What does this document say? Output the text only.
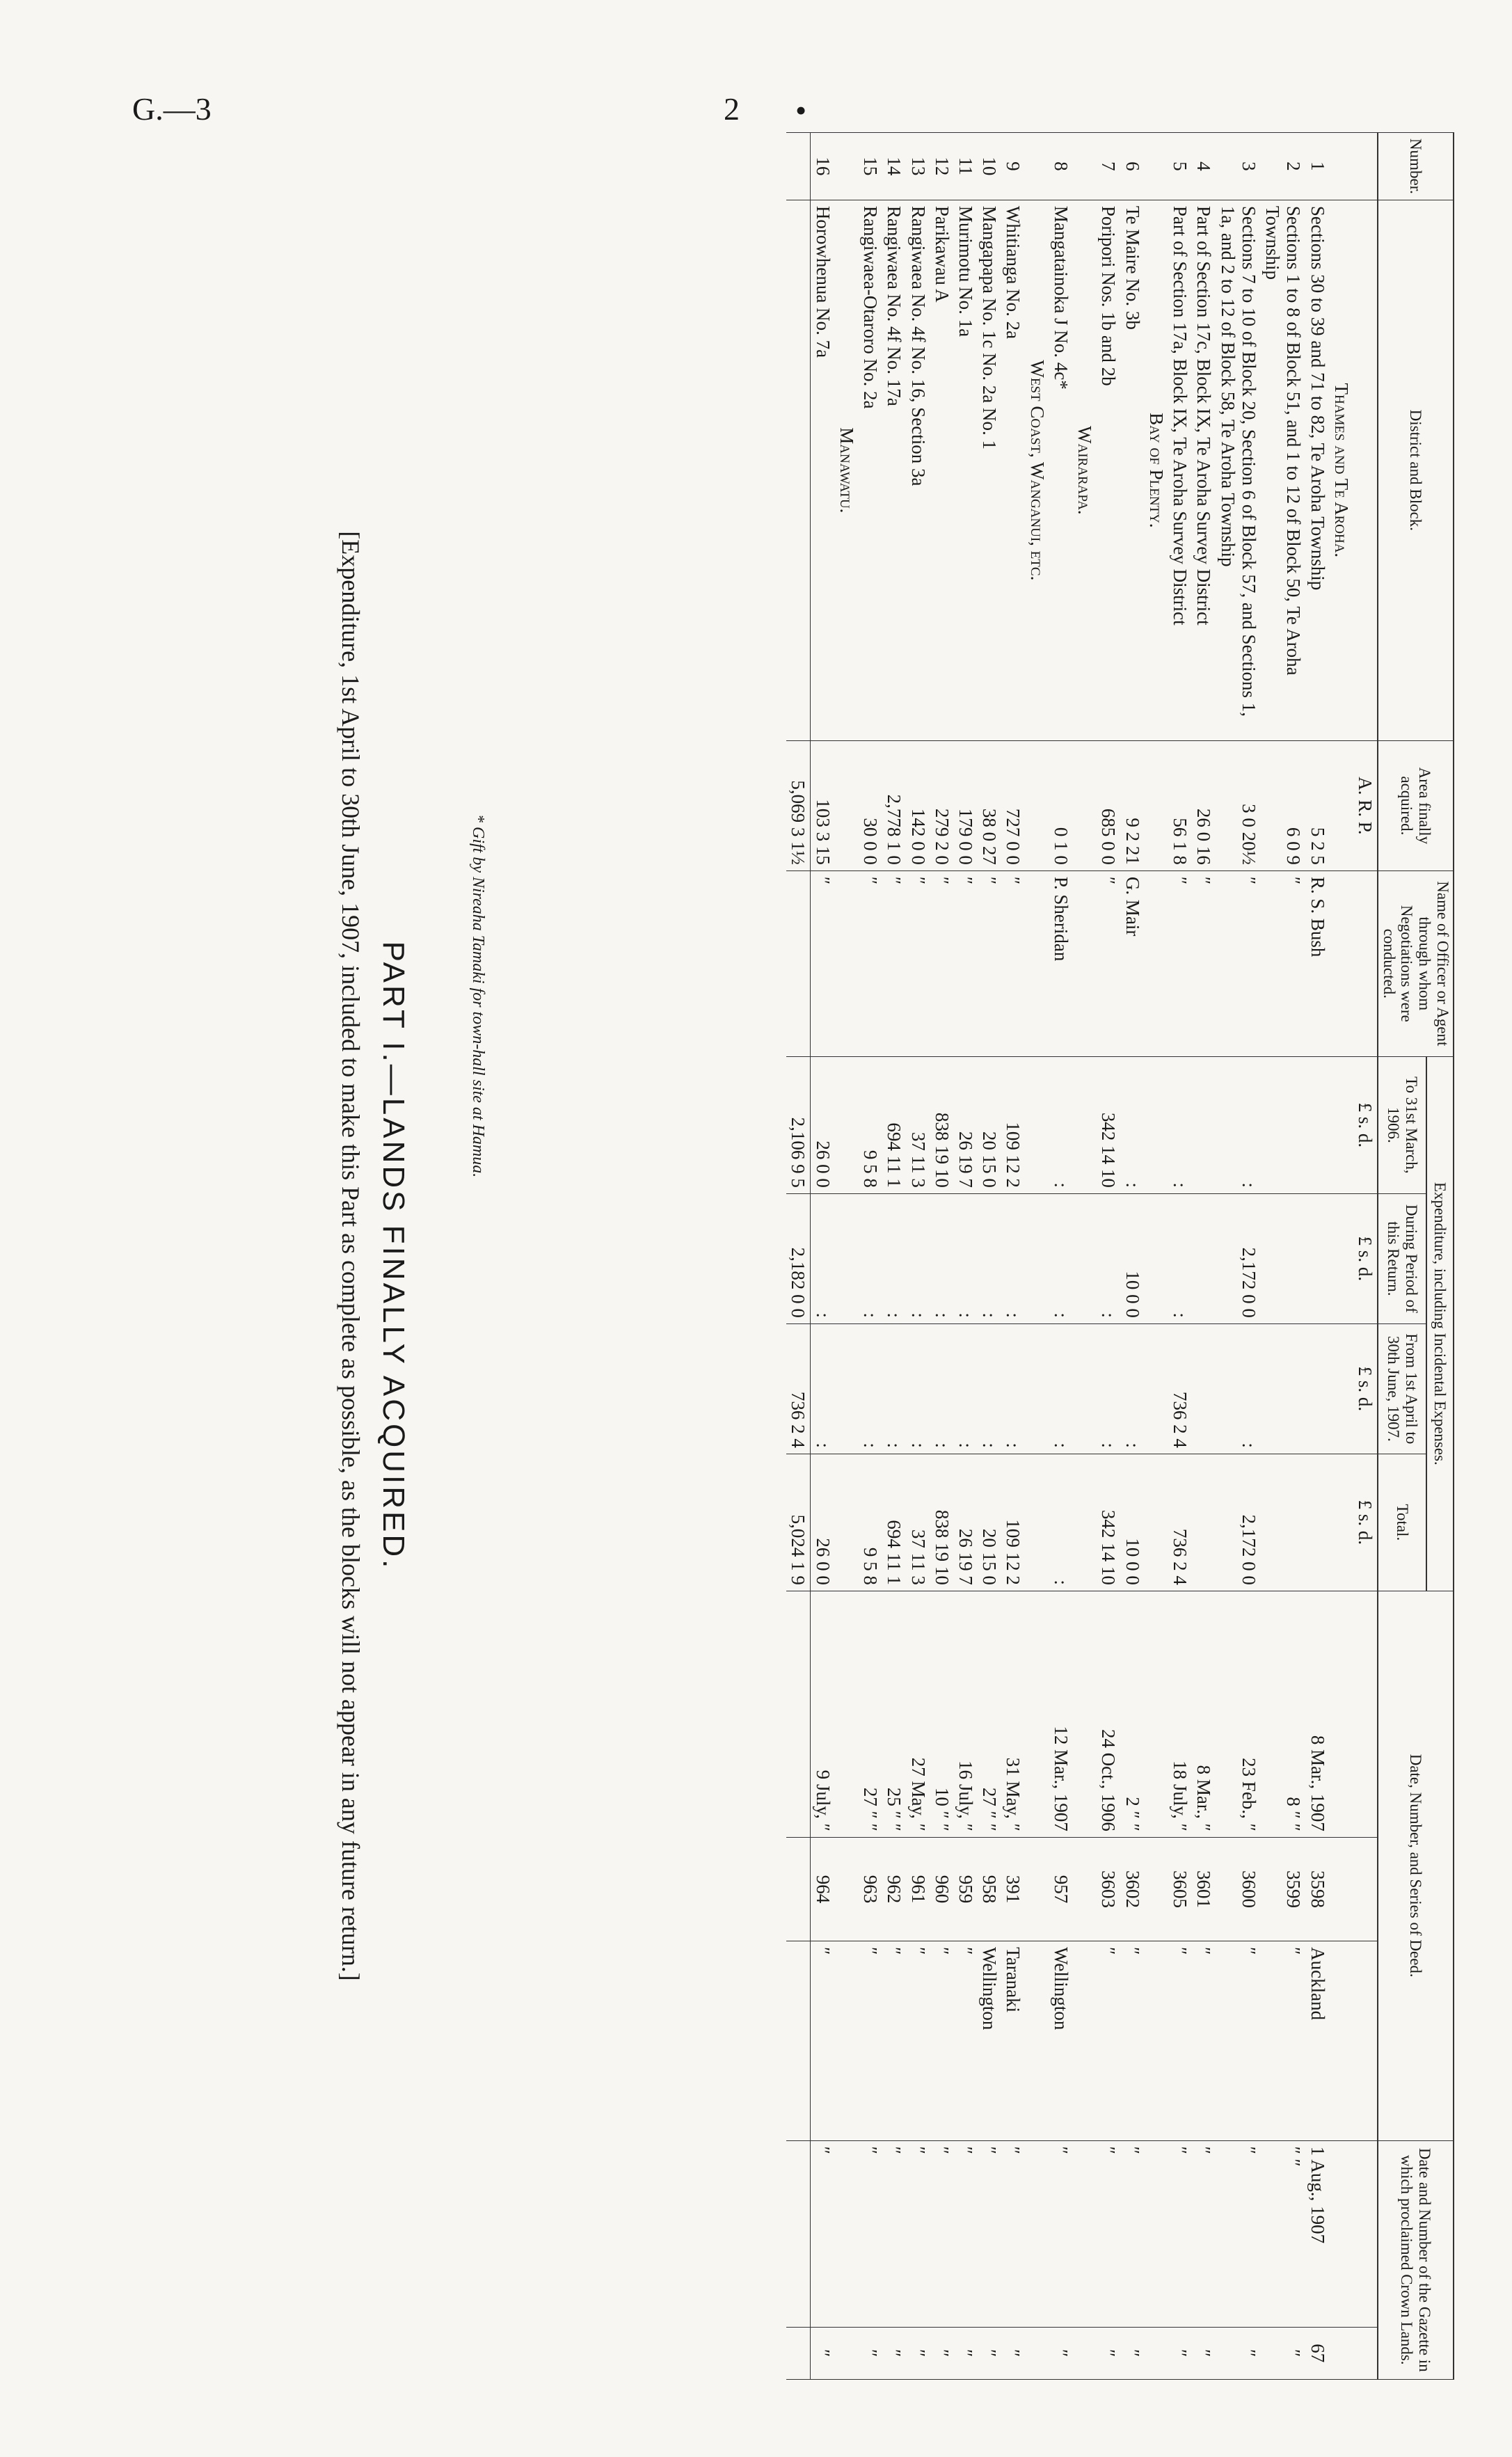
G.—3	2 •
Number.	District and Block.	Area finally acquired.	Name of Officer or Agent through whom Negotiations were conducted.	Expenditure, including Incidental Expenses.				Date, Number, and Series of Deed.			Date and Number of the Gazette in which proclaimed Crown Lands.	
				To 31st March, 1906.	During Period of this Return.	From 1st April to 30th June, 1907.	Total.					
		A. R. P.		£ s. d.	£ s. d.	£ s. d.	£ s. d.					
	Thames and Te Aroha.											
1	Sections 30 to 39 and 71 to 82, Te Aroha Township	5 2 5	R. S. Bush					8 Mar., 1907	3598	Auckland	1 Aug., 1907	67
2	Sections 1 to 8 of Block 51, and 1 to 12 of Block 50, Te Aroha Township	6 0 9	″					8 ″ ″	3599	″	″ ″	″
3	Sections 7 to 10 of Block 20, Section 6 of Block 57, and Sections 1, 1a, and 2 to 12 of Block 58, Te Aroha Township	3 0 20½	″	:	2,172 0 0	:	2,172 0 0	23 Feb., ″	3600	″	″	″
4	Part of Section 17c, Block IX, Te Aroha Survey District	26 0 16	″					8 Mar., ″	3601	″	″	″
5	Part of Section 17a, Block IX, Te Aroha Survey District	56 1 8	″	:	:	736 2 4	736 2 4	18 July, ″	3605	″	″	″
	Bay of Plenty.											
6	Te Maire No. 3b	9 2 21	G. Mair	:	10 0 0	:	10 0 0	2 ″ ″	3602	″	″	″
7	Poripori Nos. 1b and 2b	685 0 0	″	342 14 10	:	:	342 14 10	24 Oct., 1906	3603	″	″	″
	Wairarapa.											
8	Mangatainoka J No. 4c*	0 1 0	P. Sheridan	:	:	:	:	12 Mar., 1907	957	Wellington	″	″
	West Coast, Wanganui, etc.											
9	Whitianga No. 2a	727 0 0	″	109 12 2	:	:	109 12 2	31 May, ″	391	Taranaki	″	″
10	Mangapapa No. 1c No. 2a No. 1	38 0 27	″	20 15 0	:	:	20 15 0	27 ″ ″	958	Wellington	″	″
11	Murimotu No. 1a	179 0 0	″	26 19 7	:	:	26 19 7	16 July, ″	959	″	″	″
12	Parikawau A	279 2 0	″	838 19 10	:	:	838 19 10	10 ″ ″	960	″	″	″
13	Rangiwaea No. 4f No. 16, Section 3a	142 0 0	″	37 11 3	:	:	37 11 3	27 May, ″	961	″	″	″
14	Rangiwaea No. 4f No. 17a	2,778 1 0	″	694 11 1	:	:	694 11 1	25 ″ ″	962	″	″	″
15	Rangiwaea-Otaroro No. 2a	30 0 0	″	9 5 8	:	:	9 5 8	27 ″ ″	963	″	″	″
	Manawatu.											
16	Horowhenua No. 7a	103 3 15	″	26 0 0	:	:	26 0 0	9 July, ″	964	″	″	″
		5,069 3 1½		2,106 9 5	2,182 0 0	736 2 4	5,024 1 9					
* Gift by Nireaha Tamaki for town-hall site at Hamua.
PART I.—LANDS FINALLY ACQUIRED.
[Expenditure, 1st April to 30th June, 1907, included to make this Part as complete as possible, as the blocks will not appear in any future return.]
